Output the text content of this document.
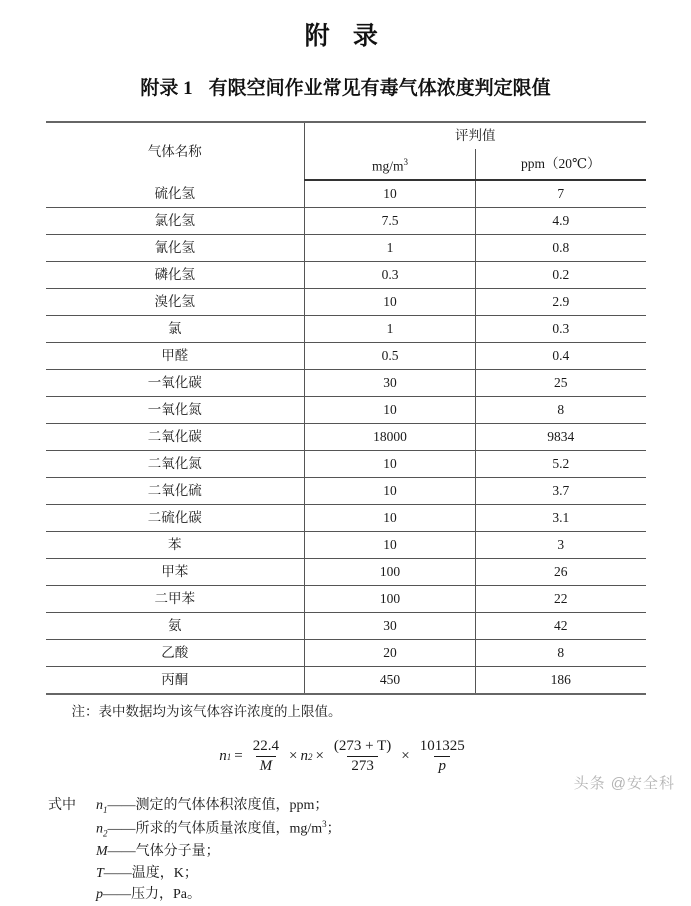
附 录
附录 1 有限空间作业常见有毒气体浓度判定限值
气体名称	评判值	
	$mg/m^3$	ppm（20℃）
硫化氢	10	7
氯化氢	7.5	4.9
氰化氢	1	0.8
磷化氢	0.3	0.2
溴化氢	10	2.9
氯	1	0.3
甲醛	0.5	0.4
一氧化碳	30	25
一氧化氮	10	8
二氧化碳	18000	9834
二氧化氮	10	5.2
二氧化硫	10	3.7
二硫化碳	10	3.1
苯	10	3
甲苯	100	26
二甲苯	100	22
氨	30	42
乙酸	20	8
丙酮	450	186
注：表中数据均为该气体容许浓度的上限值。
n $1 = \frac{22.4}{M} \times n$ $2 \times \frac{(273 + T)}{273} \times \frac{101325}{p}$
式中	$n_1——$测定的气体体积浓度值，ppm；
$n_2——$所求的气体质量浓度值，$mg/m^3$；
M——气体分子量；
T——温度，K；
p——压力，Pa。
头条 @安全科
